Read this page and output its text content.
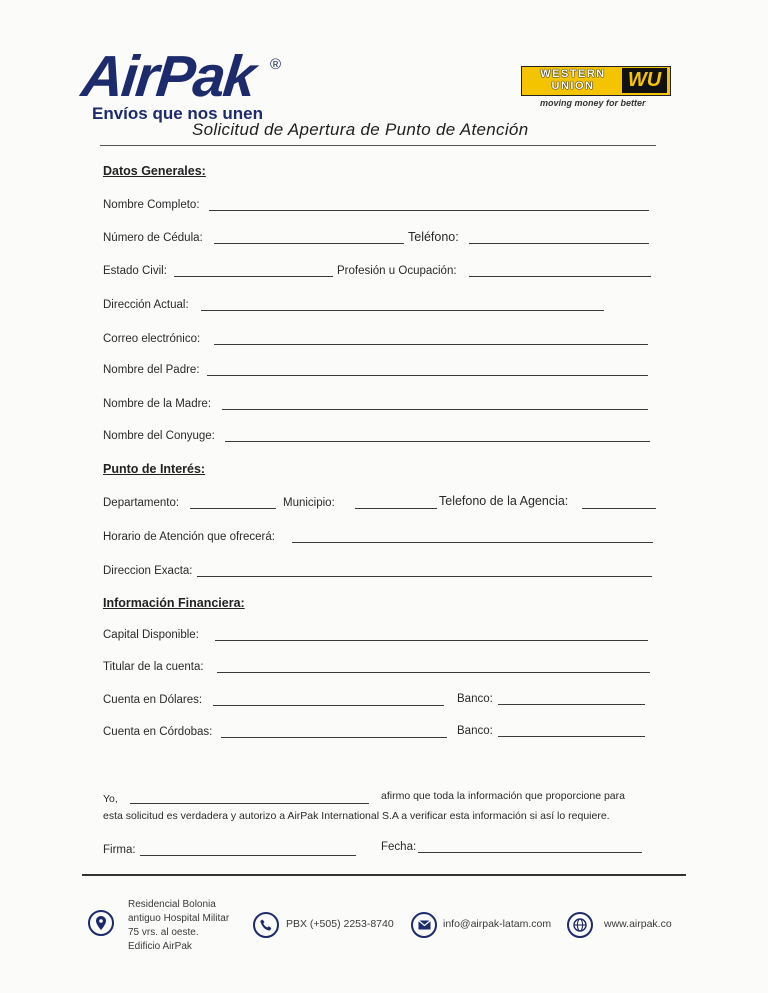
AirPak ®
Envíos que nos unen
WESTERN
UNION	WU
moving money for better
Solicitud de Apertura de Punto de Atención
Datos Generales:
Nombre Completo:
Número de Cédula:	Teléfono:
Estado Civil:	Profesión u Ocupación:
Dirección Actual:
Correo electrónico:
Nombre del Padre:
Nombre de la Madre:
Nombre del Conyuge:
Punto de Interés:
Departamento:	Municipio:	Telefono de la Agencia:
Horario de Atención que ofrecerá:
Direccion Exacta:
Información Financiera:
Capital Disponible:
Titular de la cuenta:
Cuenta en Dólares:	Banco:
Cuenta en Córdobas:	Banco:
Yo,	afirmo que toda la información que proporcione para
esta solicitud es verdadera y autorizo a AirPak International S.A a verificar esta información si así lo requiere.
Firma:	Fecha:
Residencial Bolonia
antiguo Hospital Militar
75 vrs. al oeste.
Edificio AirPak
PBX (+505) 2253-8740	info@airpak-latam.com	www.airpak.co
